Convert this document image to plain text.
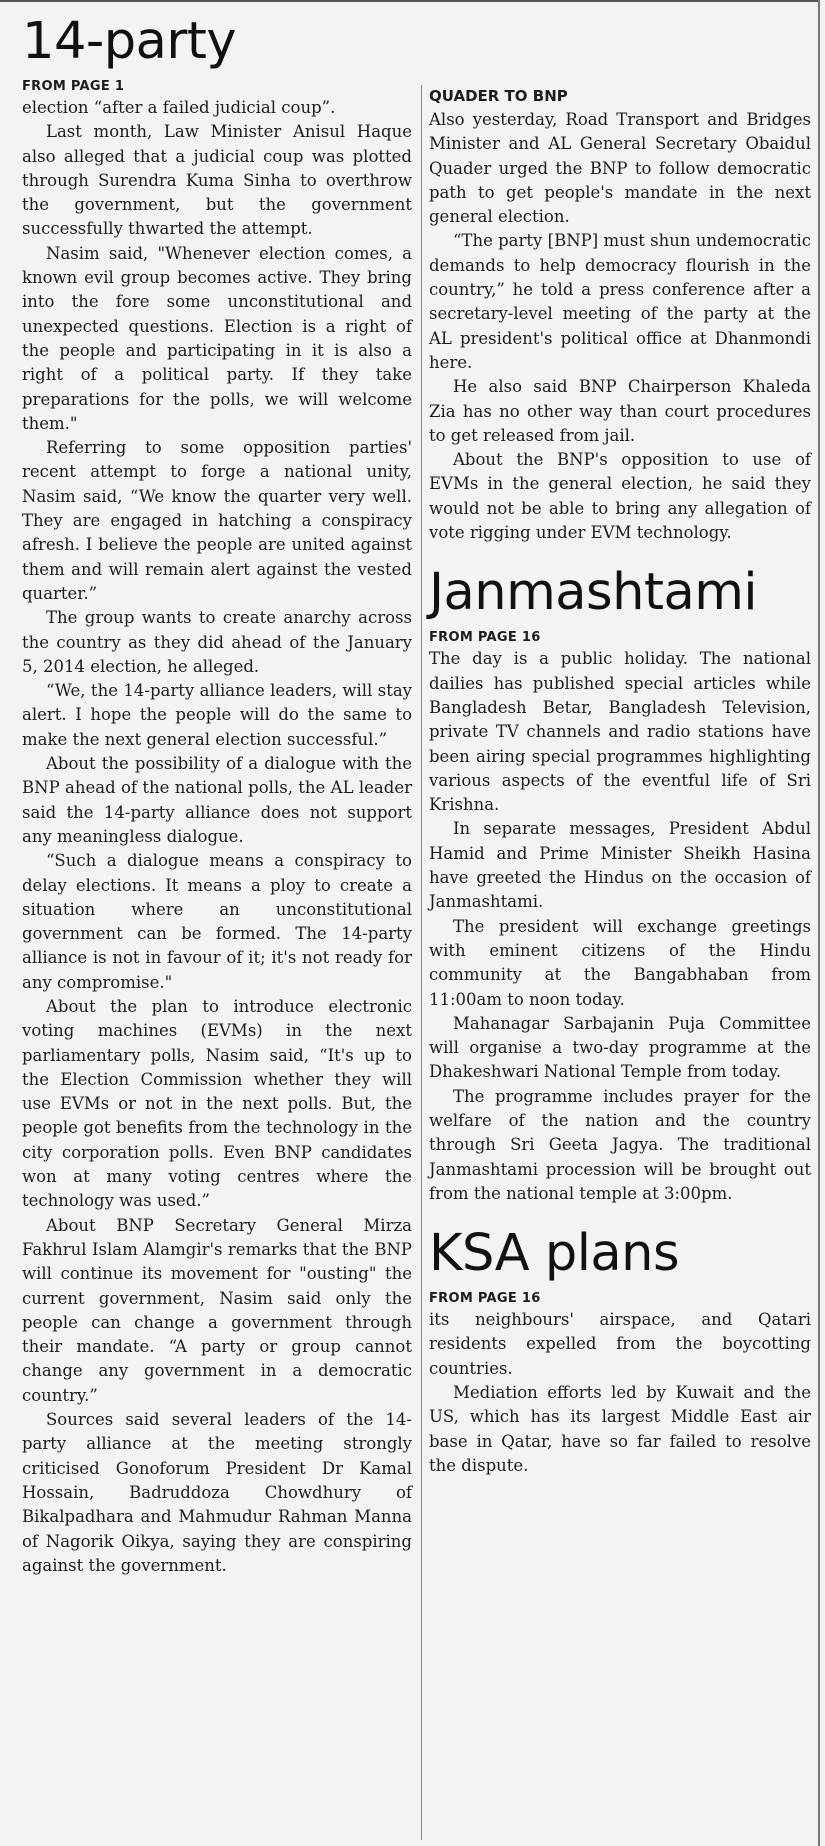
14-party
FROM PAGE 1

election “after a failed judicial coup”.

Last month, Law Minister Anisul Haque also alleged that a judicial coup was plotted through Surendra Kuma Sinha to overthrow the government, but the government successfully thwarted the attempt.

Nasim said, "Whenever election comes, a known evil group becomes active. They bring into the fore some unconstitutional and unexpected questions. Election is a right of the people and participating in it is also a right of a political party. If they take preparations for the polls, we will welcome them."

Referring to some opposition parties' recent attempt to forge a national unity, Nasim said, “We know the quarter very well. They are engaged in hatching a conspiracy afresh. I believe the people are united against them and will remain alert against the vested quarter.”

The group wants to create anarchy across the country as they did ahead of the January 5, 2014 election, he alleged.

“We, the 14-party alliance leaders, will stay alert. I hope the people will do the same to make the next general election successful.”

About the possibility of a dialogue with the BNP ahead of the national polls, the AL leader said the 14-party alliance does not support any meaningless dialogue.

“Such a dialogue means a conspiracy to delay elections. It means a ploy to create a situation where an unconstitutional government can be formed. The 14-party alliance is not in favour of it; it's not ready for any compromise."

About the plan to introduce electronic voting machines (EVMs) in the next parliamentary polls, Nasim said, “It's up to the Election Commission whether they will use EVMs or not in the next polls. But, the people got benefits from the technology in the city corporation polls. Even BNP candidates won at many voting centres where the technology was used.”

About BNP Secretary General Mirza Fakhrul Islam Alamgir's remarks that the BNP will continue its movement for "ousting" the current government, Nasim said only the people can change a government through their mandate. “A party or group cannot change any government in a democratic country.”

Sources said several leaders of the 14-party alliance at the meeting strongly criticised Gonoforum President Dr Kamal Hossain, Badruddoza Chowdhury of Bikalpadhara and Mahmudur Rahman Manna of Nagorik Oikya, saying they are conspiring against the government.

QUADER TO BNP

Also yesterday, Road Transport and Bridges Minister and AL General Secretary Obaidul Quader urged the BNP to follow democratic path to get people's mandate in the next general election.

“The party [BNP] must shun undemocratic demands to help democracy flourish in the country,” he told a press conference after a secretary-level meeting of the party at the AL president's political office at Dhanmondi here.

He also said BNP Chairperson Khaleda Zia has no other way than court procedures to get released from jail.

About the BNP's opposition to use of EVMs in the general election, he said they would not be able to bring any allegation of vote rigging under EVM technology.

Janmashtami
FROM PAGE 16

The day is a public holiday. The national dailies has published special articles while Bangladesh Betar, Bangladesh Television, private TV channels and radio stations have been airing special programmes highlighting various aspects of the eventful life of Sri Krishna.

In separate messages, President Abdul Hamid and Prime Minister Sheikh Hasina have greeted the Hindus on the occasion of Janmashtami.

The president will exchange greetings with eminent citizens of the Hindu community at the Bangabhaban from 11:00am to noon today.

Mahanagar Sarbajanin Puja Committee will organise a two-day programme at the Dhakeshwari National Temple from today.

The programme includes prayer for the welfare of the nation and the country through Sri Geeta Jagya. The traditional Janmashtami procession will be brought out from the national temple at 3:00pm.

KSA plans
FROM PAGE 16

its neighbours' airspace, and Qatari residents expelled from the boycotting countries.

Mediation efforts led by Kuwait and the US, which has its largest Middle East air base in Qatar, have so far failed to resolve the dispute.
